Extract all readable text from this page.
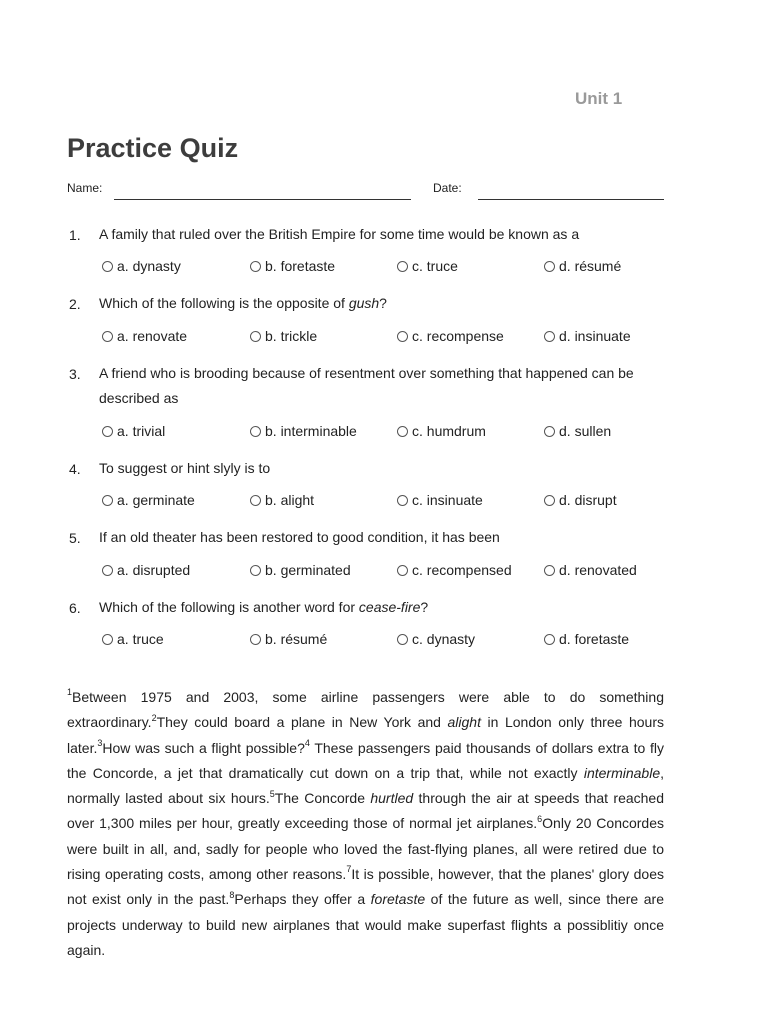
Unit 1
Practice Quiz
Name:	Date:
1. A family that ruled over the British Empire for some time would be known as a
a. dynasty	b. foretaste	c. truce	d. résumé
2. Which of the following is the opposite of gush?
a. renovate	b. trickle	c. recompense	d. insinuate
3. A friend who is brooding because of resentment over something that happened can be described as
a. trivial	b. interminable	c. humdrum	d. sullen
4. To suggest or hint slyly is to
a. germinate	b. alight	c. insinuate	d. disrupt
5. If an old theater has been restored to good condition, it has been
a. disrupted	b. germinated	c. recompensed	d. renovated
6. Which of the following is another word for cease-fire?
a. truce	b. résumé	c. dynasty	d. foretaste
$^1$Between 1975 and 2003, some airline passengers were able to do something extraordinary.$^2$They could board a plane in New York and alight in London only three hours later.$^3$How was such a flight possible?$^4$ These passengers paid thousands of dollars extra to fly the Concorde, a jet that dramatically cut down on a trip that, while not exactly interminable, normally lasted about six hours.$^5$The Concorde hurtled through the air at speeds that reached over 1,300 miles per hour, greatly exceeding those of normal jet airplanes.$^6$Only 20 Concordes were built in all, and, sadly for people who loved the fast-flying planes, all were retired due to rising operating costs, among other reasons.$^7$It is possible, however, that the planes' glory does not exist only in the past.$^8$Perhaps they offer a foretaste of the future as well, since there are projects underway to build new airplanes that would make superfast flights a possiblitiy once again.
